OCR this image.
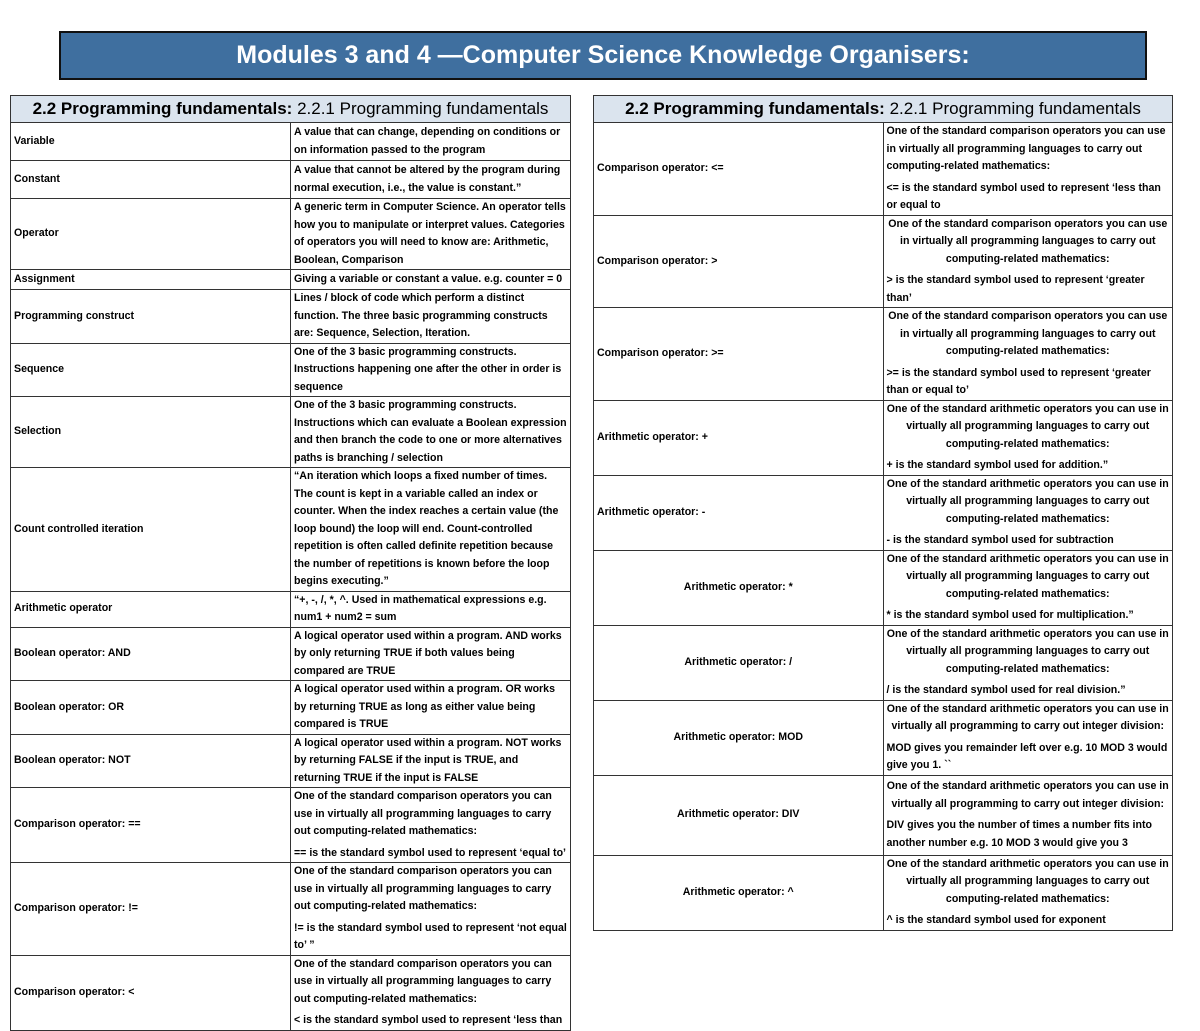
Modules 3 and 4 —Computer Science Knowledge Organisers:
2.2 Programming fundamentals: 2.2.1 Programming fundamentals	
Variable	A value that can change, depending on conditions or on information passed to the program

Constant	A value that cannot be altered by the program during normal execution, i.e., the value is constant.”

Operator	A generic term in Computer Science. An operator tells how you to manipulate or interpret values. Categories of operators you will need to know are: Arithmetic, Boolean, Comparison

Assignment	Giving a variable or constant a value. e.g. counter = 0

Programming construct	Lines / block of code which perform a distinct function. The three basic programming constructs are: Sequence, Selection, Iteration.

Sequence	One of the 3 basic programming constructs. Instructions happening one after the other in order is sequence

Selection	One of the 3 basic programming constructs. Instructions which can evaluate a Boolean expression and then branch the code to one or more alternatives paths is branching / selection

Count controlled iteration	“An iteration which loops a fixed number of times. The count is kept in a variable called an index or counter. When the index reaches a certain value (the loop bound) the loop will end. Count-controlled repetition is often called definite repetition because the number of repetitions is known before the loop begins executing.”

Arithmetic operator	“+, -, /, *, ^. Used in mathematical expressions e.g. num1 + num2 = sum

Boolean operator: AND	A logical operator used within a program. AND works by only returning TRUE if both values being compared are TRUE

Boolean operator: OR	A logical operator used within a program. OR works by returning TRUE as long as either value being compared is TRUE

Boolean operator: NOT	A logical operator used within a program. NOT works by returning FALSE if the input is TRUE, and returning TRUE if the input is FALSE

Comparison operator: ==	One of the standard comparison operators you can use in virtually all programming languages to carry out computing-related mathematics:
== is the standard symbol used to represent ‘equal to’

Comparison operator: !=	One of the standard comparison operators you can use in virtually all programming languages to carry out computing-related mathematics:
!= is the standard symbol used to represent ‘not equal to’ ”

Comparison operator: <	One of the standard comparison operators you can use in virtually all programming languages to carry out computing-related mathematics:
< is the standard symbol used to represent ‘less than
2.2 Programming fundamentals: 2.2.1 Programming fundamentals	
Comparison operator: <=	One of the standard comparison operators you can use in virtually all programming languages to carry out computing-related mathematics:
<= is the standard symbol used to represent ‘less than or equal to

Comparison operator: >	One of the standard comparison operators you can use in virtually all programming languages to carry out computing-related mathematics:
> is the standard symbol used to represent ‘greater than’

Comparison operator: >=	One of the standard comparison operators you can use in virtually all programming languages to carry out computing-related mathematics:
>= is the standard symbol used to represent ‘greater than or equal to’

Arithmetic operator: +	One of the standard arithmetic operators you can use in virtually all programming languages to carry out computing-related mathematics:
+ is the standard symbol used for addition.”

Arithmetic operator: -	One of the standard arithmetic operators you can use in virtually all programming languages to carry out computing-related mathematics:
- is the standard symbol used for subtraction

Arithmetic operator: *	One of the standard arithmetic operators you can use in virtually all programming languages to carry out computing-related mathematics:
* is the standard symbol used for multiplication.”

Arithmetic operator: /	One of the standard arithmetic operators you can use in virtually all programming languages to carry out computing-related mathematics:
/ is the standard symbol used for real division.”

Arithmetic operator: MOD	One of the standard arithmetic operators you can use in virtually all programming to carry out integer division:
MOD gives you remainder left over e.g. 10 MOD 3 would give you 1. ``

Arithmetic operator: DIV	One of the standard arithmetic operators you can use in virtually all programming to carry out integer division:
DIV gives you the number of times a number fits into another number e.g. 10 MOD 3 would give you 3

Arithmetic operator: ^	One of the standard arithmetic operators you can use in virtually all programming languages to carry out computing-related mathematics:
^ is the standard symbol used for exponent
